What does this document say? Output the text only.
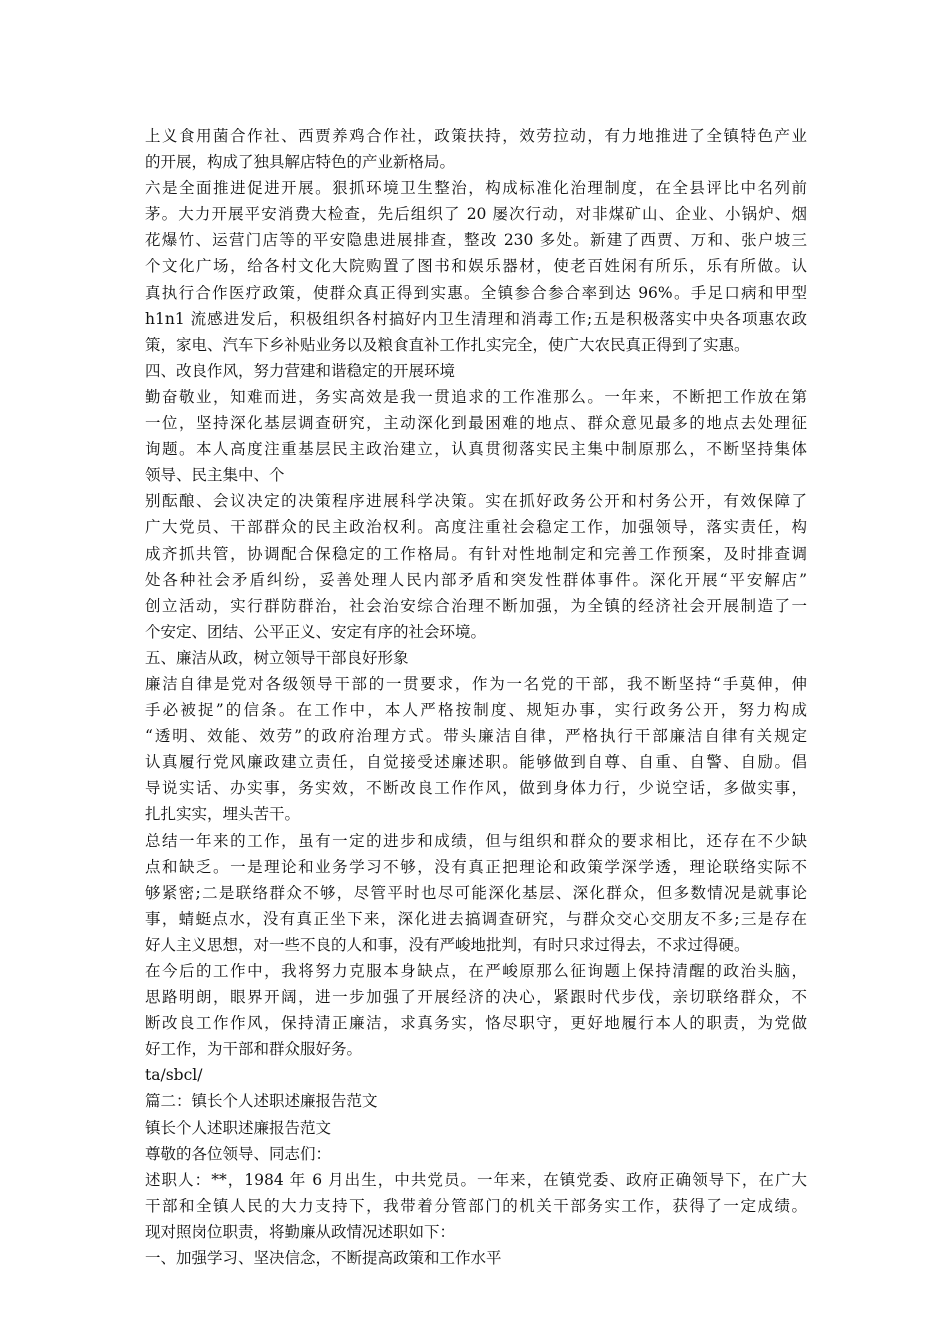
上义食用菌合作社、西贾养鸡合作社，政策扶持，效劳拉动，有力地推进了全镇特色产业
的开展，构成了独具解店特色的产业新格局。
六是全面推进促进开展。狠抓环境卫生整治，构成标准化治理制度，在全县评比中名列前
茅。大力开展平安消费大检查，先后组织了 20 屡次行动，对非煤矿山、企业、小锅炉、烟
花爆竹、运营门店等的平安隐患进展排查，整改 230 多处。新建了西贾、万和、张户坡三
个文化广场，给各村文化大院购置了图书和娱乐器材，使老百姓闲有所乐，乐有所做。认
真执行合作医疗政策，使群众真正得到实惠。全镇参合参合率到达 96%。手足口病和甲型
h1n1 流感进发后，积极组织各村搞好内卫生清理和消毒工作;五是积极落实中央各项惠农政
策，家电、汽车下乡补贴业务以及粮食直补工作扎实完全，使广大农民真正得到了实惠。
四、改良作风，努力营建和谐稳定的开展环境
勤奋敬业，知难而进，务实高效是我一贯追求的工作准那么。一年来，不断把工作放在第
一位，坚持深化基层调查研究，主动深化到最困难的地点、群众意见最多的地点去处理征
询题。本人高度注重基层民主政治建立，认真贯彻落实民主集中制原那么，不断坚持集体
领导、民主集中、个
别酝酿、会议决定的决策程序进展科学决策。实在抓好政务公开和村务公开，有效保障了
广大党员、干部群众的民主政治权利。高度注重社会稳定工作，加强领导，落实责任，构
成齐抓共管，协调配合保稳定的工作格局。有针对性地制定和完善工作预案，及时排查调
处各种社会矛盾纠纷，妥善处理人民内部矛盾和突发性群体事件。深化开展“平安解店”
创立活动，实行群防群治，社会治安综合治理不断加强，为全镇的经济社会开展制造了一
个安定、团结、公平正义、安定有序的社会环境。
五、廉洁从政，树立领导干部良好形象
廉洁自律是党对各级领导干部的一贯要求，作为一名党的干部，我不断坚持“手莫伸，伸
手必被捉”的信条。在工作中，本人严格按制度、规矩办事，实行政务公开，努力构成
“透明、效能、效劳”的政府治理方式。带头廉洁自律，严格执行干部廉洁自律有关规定
认真履行党风廉政建立责任，自觉接受述廉述职。能够做到自尊、自重、自警、自励。倡
导说实话、办实事，务实效，不断改良工作作风，做到身体力行，少说空话，多做实事，
扎扎实实，埋头苦干。
总结一年来的工作，虽有一定的进步和成绩，但与组织和群众的要求相比，还存在不少缺
点和缺乏。一是理论和业务学习不够，没有真正把理论和政策学深学透，理论联络实际不
够紧密;二是联络群众不够，尽管平时也尽可能深化基层、深化群众，但多数情况是就事论
事，蜻蜓点水，没有真正坐下来，深化进去搞调查研究，与群众交心交朋友不多;三是存在
好人主义思想，对一些不良的人和事，没有严峻地批判，有时只求过得去，不求过得硬。
在今后的工作中，我将努力克服本身缺点，在严峻原那么征询题上保持清醒的政治头脑，
思路明朗，眼界开阔，进一步加强了开展经济的决心，紧跟时代步伐，亲切联络群众，不
断改良工作作风，保持清正廉洁，求真务实，恪尽职守，更好地履行本人的职责，为党做
好工作，为干部和群众服好务。
ta/sbcl/
篇二：镇长个人述职述廉报告范文
镇长个人述职述廉报告范文
尊敬的各位领导、同志们：
述职人：**，1984 年 6 月出生，中共党员。一年来，在镇党委、政府正确领导下，在广大
干部和全镇人民的大力支持下，我带着分管部门的机关干部务实工作，获得了一定成绩。
现对照岗位职责，将勤廉从政情况述职如下：
一、加强学习、坚决信念，不断提高政策和工作水平
